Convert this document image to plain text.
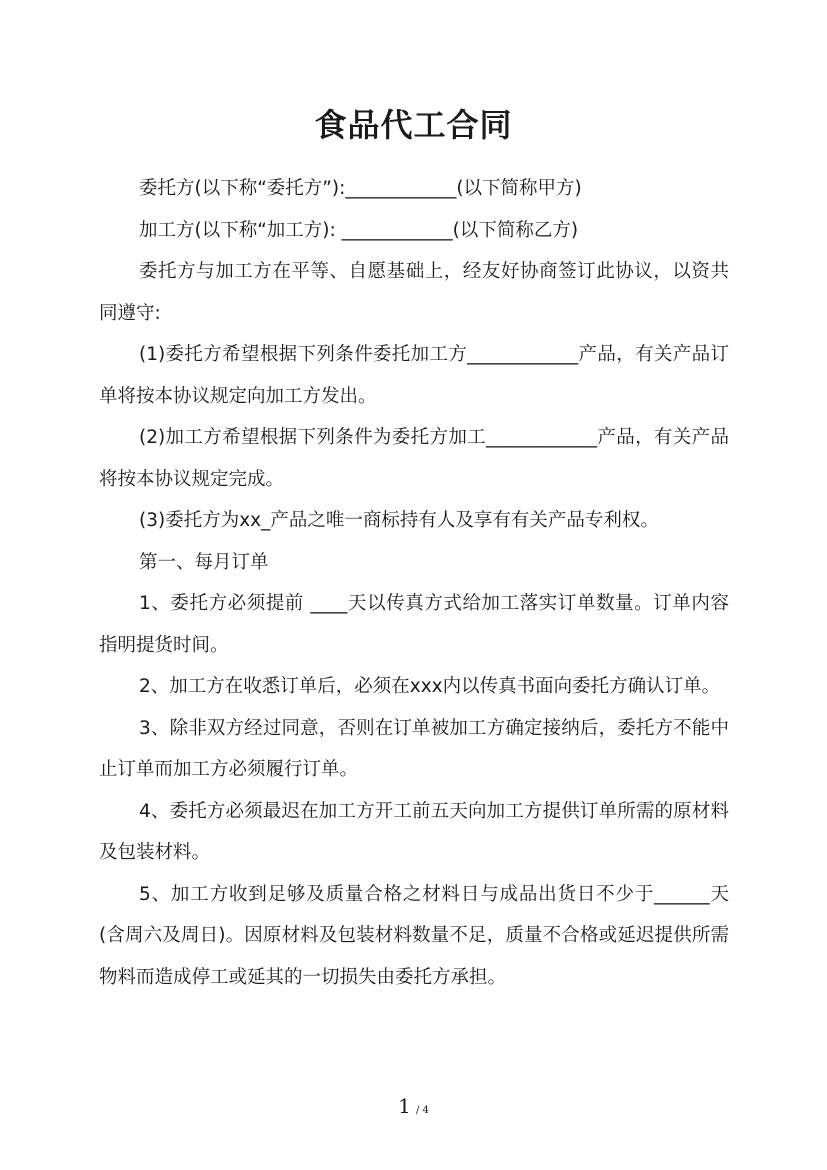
食品代工合同

委托方(以下称“委托方”):____________(以下简称甲方)

加工方(以下称“加工方): ____________(以下简称乙方)

委托方与加工方在平等、自愿基础上，经友好协商签订此协议，以资共同遵守:

(1)委托方希望根据下列条件委托加工方____________产品，有关产品订单将按本协议规定向加工方发出。

(2)加工方希望根据下列条件为委托方加工____________产品，有关产品将按本协议规定完成。

(3)委托方为xx_产品之唯一商标持有人及享有有关产品专利权。

第一、每月订单

1、委托方必须提前 ____天以传真方式给加工落实订单数量。订单内容指明提货时间。

2、加工方在收悉订单后，必须在xxx内以传真书面向委托方确认订单。

3、除非双方经过同意，否则在订单被加工方确定接纳后，委托方不能中止订单而加工方必须履行订单。

4、委托方必须最迟在加工方开工前五天向加工方提供订单所需的原材料及包装材料。

5、加工方收到足够及质量合格之材料日与成品出货日不少于______天(含周六及周日)。因原材料及包装材料数量不足，质量不合格或延迟提供所需物料而造成停工或延其的一切损失由委托方承担。

1 / 4
